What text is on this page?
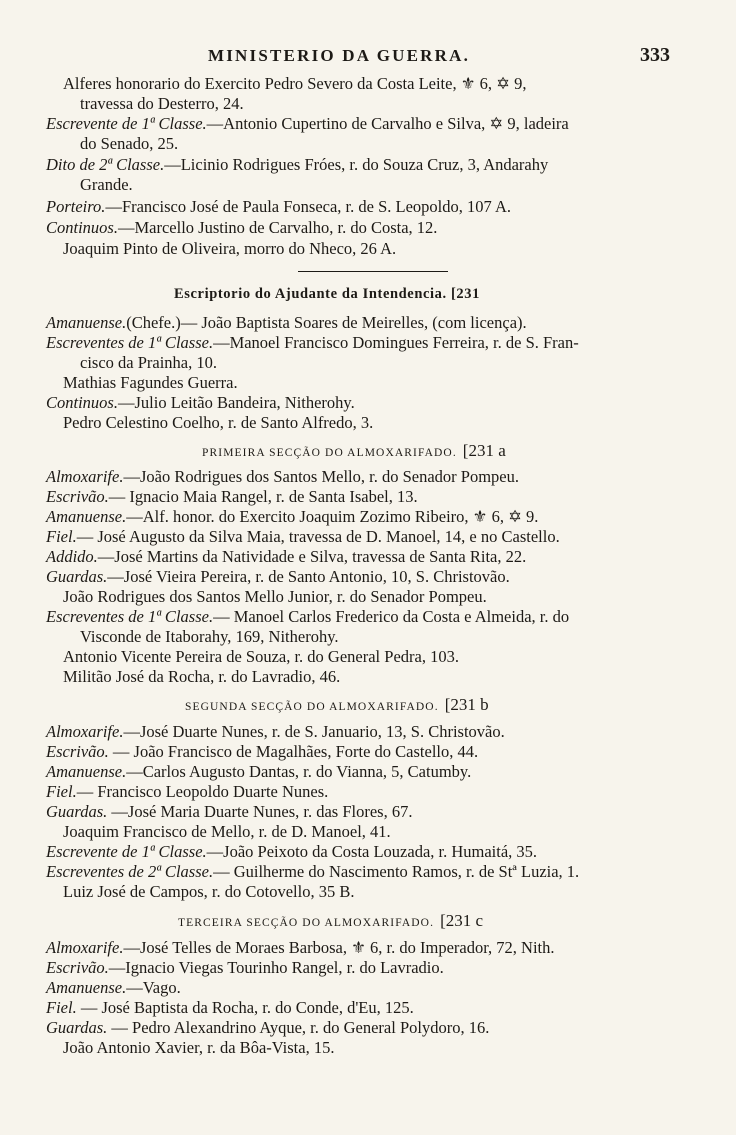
MINISTERIO DA GUERRA.	333
Alferes honorario do Exercito Pedro Severo da Costa Leite, ⚜ 6, ✡ 9,
travessa do Desterro, 24.
Escrevente de 1ª Classe.—Antonio Cupertino de Carvalho e Silva, ✡ 9, ladeira
do Senado, 25.
Dito de 2ª Classe.—Licinio Rodrigues Fróes, r. do Souza Cruz, 3, Andarahy
Grande.
Porteiro.—Francisco José de Paula Fonseca, r. de S. Leopoldo, 107 A.
Continuos.—Marcello Justino de Carvalho, r. do Costa, 12.
Joaquim Pinto de Oliveira, morro do Nheco, 26 A.
Escriptorio do Ajudante da Intendencia. [231
Amanuense.(Chefe.)— João Baptista Soares de Meirelles, (com licença).
Escreventes de 1ª Classe.—Manoel Francisco Domingues Ferreira, r. de S. Fran-
cisco da Prainha, 10.
Mathias Fagundes Guerra.
Continuos.—Julio Leitão Bandeira, Nitherohy.
Pedro Celestino Coelho, r. de Santo Alfredo, 3.
PRIMEIRA SECÇÃO DO ALMOXARIFADO. [231 a
Almoxarife.—João Rodrigues dos Santos Mello, r. do Senador Pompeu.
Escrivão.— Ignacio Maia Rangel, r. de Santa Isabel, 13.
Amanuense.—Alf. honor. do Exercito Joaquim Zozimo Ribeiro, ⚜ 6, ✡ 9.
Fiel.— José Augusto da Silva Maia, travessa de D. Manoel, 14, e no Castello.
Addido.—José Martins da Natividade e Silva, travessa de Santa Rita, 22.
Guardas.—José Vieira Pereira, r. de Santo Antonio, 10, S. Christovão.
João Rodrigues dos Santos Mello Junior, r. do Senador Pompeu.
Escreventes de 1ª Classe.— Manoel Carlos Frederico da Costa e Almeida, r. do
Visconde de Itaborahy, 169, Nitherohy.
Antonio Vicente Pereira de Souza, r. do General Pedra, 103.
Militão José da Rocha, r. do Lavradio, 46.
SEGUNDA SECÇÃO DO ALMOXARIFADO. [231 b
Almoxarife.—José Duarte Nunes, r. de S. Januario, 13, S. Christovão.
Escrivão. — João Francisco de Magalhães, Forte do Castello, 44.
Amanuense.—Carlos Augusto Dantas, r. do Vianna, 5, Catumby.
Fiel.— Francisco Leopoldo Duarte Nunes.
Guardas. —José Maria Duarte Nunes, r. das Flores, 67.
Joaquim Francisco de Mello, r. de D. Manoel, 41.
Escrevente de 1ª Classe.—João Peixoto da Costa Louzada, r. Humaitá, 35.
Escreventes de 2ª Classe.— Guilherme do Nascimento Ramos, r. de Stª Luzia, 1.
Luiz José de Campos, r. do Cotovello, 35 B.
TERCEIRA SECÇÃO DO ALMOXARIFADO. [231 c
Almoxarife.—José Telles de Moraes Barbosa, ⚜ 6, r. do Imperador, 72, Nith.
Escrivão.—Ignacio Viegas Tourinho Rangel, r. do Lavradio.
Amanuense.—Vago.
Fiel. — José Baptista da Rocha, r. do Conde, d'Eu, 125.
Guardas. — Pedro Alexandrino Ayque, r. do General Polydoro, 16.
João Antonio Xavier, r. da Bôa-Vista, 15.
